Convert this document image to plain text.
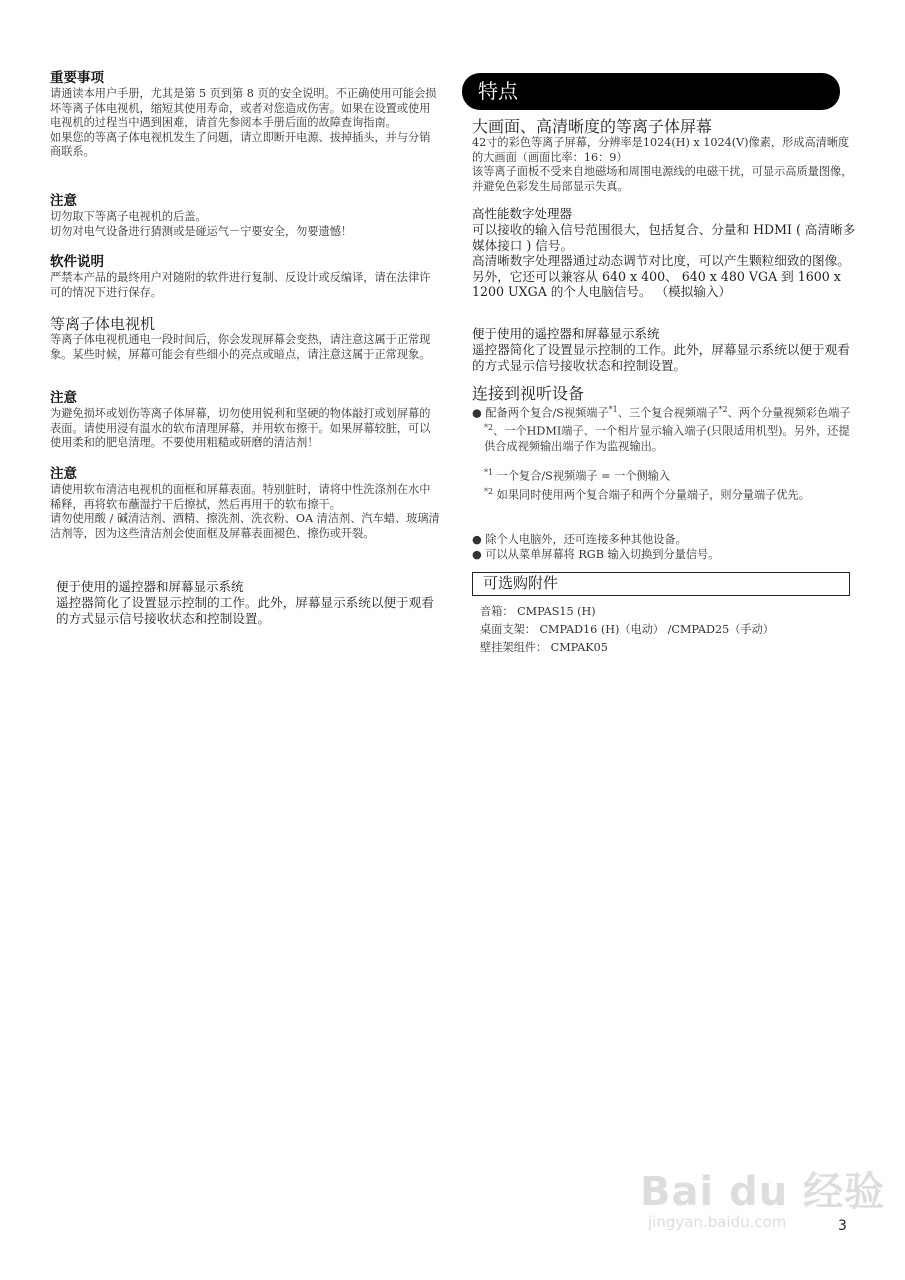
重要事项

请通读本用户手册，尤其是第 5 页到第 8 页的安全说明。不正确使用可能会损坏等离子体电视机，缩短其使用寿命，或者对您造成伤害。如果在设置或使用电视机的过程当中遇到困难，请首先参阅本手册后面的故障查询指南。

如果您的等离子体电视机发生了问题，请立即断开电源、拔掉插头，并与分销商联系。

注意

切勿取下等离子电视机的后盖。

切勿对电气设备进行猜测或是碰运气－宁要安全，勿要遗憾！

软件说明

严禁本产品的最终用户对随附的软件进行复制、反设计或反编译，请在法律许可的情况下进行保存。

等离子体电视机

等离子体电视机通电一段时间后，你会发现屏幕会变热，请注意这属于正常现象。某些时候，屏幕可能会有些细小的亮点或暗点，请注意这属于正常现象。

注意

为避免损坏或划伤等离子体屏幕，切勿使用锐利和坚硬的物体敲打或划屏幕的表面。请使用浸有温水的软布清理屏幕，并用软布擦干。如果屏幕较脏，可以使用柔和的肥皂清理。不要使用粗糙或研磨的清洁剂！

注意

请使用软布清洁电视机的面框和屏幕表面。特别脏时，请将中性洗涤剂在水中稀释，再将软布蘸湿拧干后擦拭，然后再用干的软布擦干。

请勿使用酸 / 碱清洁剂、酒精、擦洗剂、洗衣粉、OA 清洁剂、汽车蜡、玻璃清洁剂等，因为这些清洁剂会使面框及屏幕表面褪色、擦伤或开裂。

便于使用的遥控器和屏幕显示系统

遥控器简化了设置显示控制的工作。此外，屏幕显示系统以便于观看的方式显示信号接收状态和控制设置。

特点
大画面、高清晰度的等离子体屏幕

42寸的彩色等离子屏幕，分辨率是1024(H) x 1024(V)像素，形成高清晰度的大画面（画面比率：16：9）

该等离子面板不受来自地磁场和周围电源线的电磁干扰，可显示高质量图像，并避免色彩发生局部显示失真。

高性能数字处理器

可以接收的输入信号范围很大，包括复合、分量和 HDMI ( 高清晰多媒体接口 ) 信号。

高清晰数字处理器通过动态调节对比度，可以产生颗粒细致的图像。

另外，它还可以兼容从 640 x 400、 640 x 480 VGA 到 1600 x 1200 UXGA 的个人电脑信号。 （模拟输入）

便于使用的遥控器和屏幕显示系统

遥控器简化了设置显示控制的工作。此外，屏幕显示系统以便于观看的方式显示信号接收状态和控制设置。

连接到视听设备

● 配备两个复合/S视频端子$^{*1}$、三个复合视频端子$^{*2}$、两个分量视频彩色端子$^{*2}$、一个HDMI端子、一个相片显示输入端子(只限适用机型)。另外，还提供合成视频输出端子作为监视输出。

$^{*1}$ 一个复合/S视频端子 = 一个侧输入

$^{*2}$ 如果同时使用两个复合端子和两个分量端子，则分量端子优先。

● 除个人电脑外，还可连接多种其他设备。

● 可以从菜单屏幕将 RGB 输入切换到分量信号。

可选购附件

音箱： CMPAS15 (H)

桌面支架： CMPAD16 (H)（电动） /CMPAD25（手动）

壁挂架组件： CMPAK05

Bai du 经验
jingyan.baidu.com	3
